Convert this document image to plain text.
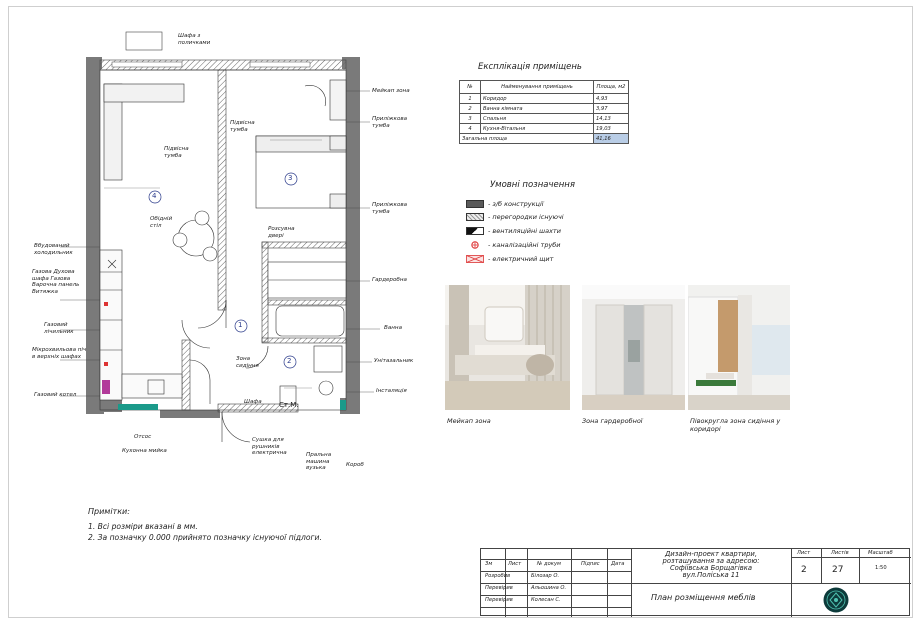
4
3
1
2
Шафа з поличками
Мейкап зона
Підвісна тумба
Підвісна тумба
Приліжкова тумба
Приліжкова тумба
Обідній стіл
Розсувна двері
Вбудований холодильник
Газова Духова шафа Газова Варочна панель Витяжка
Газовий лічильник
Мікрохвильова піч в верхніх шафах
Газовий котел
Гардеробна
Ванна
Унітазальник
Інсталяція
Зона сидіння
Шафа Ст.М.
Сушка для рушників електрична	Пральна машина вузька	Короб
Кухонна мийка
Отсос
Експлікація приміщень
№	Найменування приміщень	Площа, м2
1	Коридор	4,93
2	Ванна кімната	3,97
3	Спальня	14,13
4	Кухня-Вітальня	19,03
Загальна площа		41,16
Умовні позначення
- з/б конструкції
- перегородки існуючі
- вентиляційні шахти
- каналізаційні труби
- електричний щит
Мейкап зона	Зона гардеробної	Півокругла зона сидіння у коридорі
Примітки:
1. Всі розміри вказані в мм.
2. За позначку 0.000 прийнято позначку існуючої підлоги.
Зм	Лист	№ докум	Підпис Дата
Розробив	Білозар О.
Перевірив	Альошина О.
Перевірив	Колесан С.
Дизайн-проект квартири, розташування за адресою: Софіївська Борщагівка вул.Поліська 11
План розміщення меблів
Лист	Листів	Масштаб
2	27	1:50
